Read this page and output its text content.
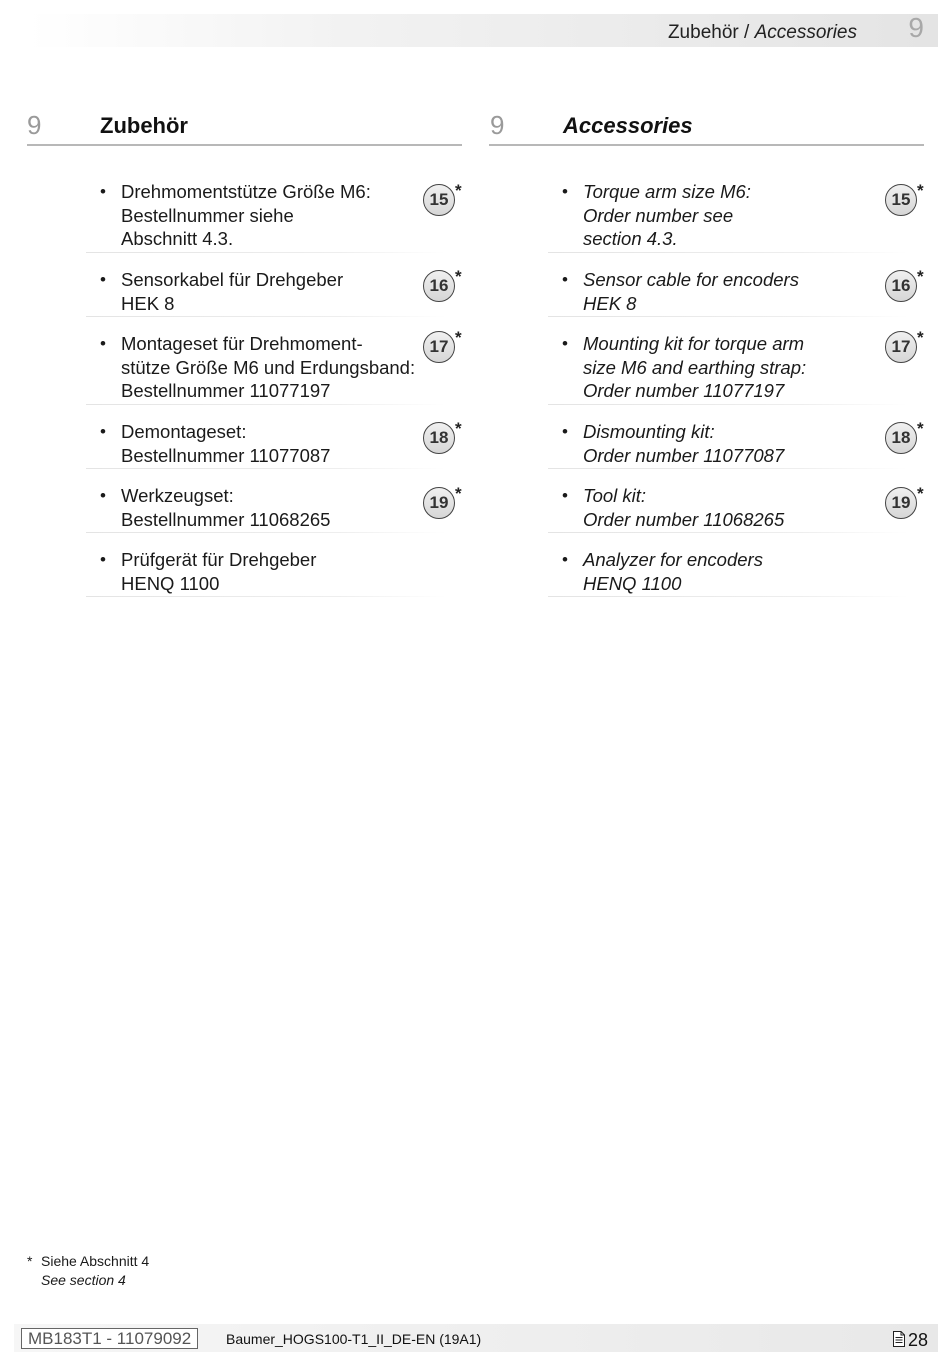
Zubehör / Accessories 9
9	Zubehör	9	Accessories
• Drehmomentstütze Größe M6:
Bestellnummer siehe
Abschnitt 4.3.
15 *
• Sensorkabel für Drehgeber
HEK 8
16 *
• Montageset für Drehmoment-
stütze Größe M6 und Erdungsband:
Bestellnummer 11077197
17 *
• Demontageset:
Bestellnummer 11077087
18 *
• Werkzeugset:
Bestellnummer 11068265
19 *
• Prüfgerät für Drehgeber
HENQ 1100
• Torque arm size M6:
Order number see
section 4.3.
15 *
• Sensor cable for encoders
HEK 8
16 *
• Mounting kit for torque arm
size M6 and earthing strap:
Order number 11077197
17 *
• Dismounting kit:
Order number 11077087
18 *
• Tool kit:
Order number 11068265
19 *
• Analyzer for encoders
HENQ 1100
* Siehe Abschnitt 4
See section 4
MB183T1 - 11079092	Baumer_HOGS100-T1_II_DE-EN (19A1)	28
